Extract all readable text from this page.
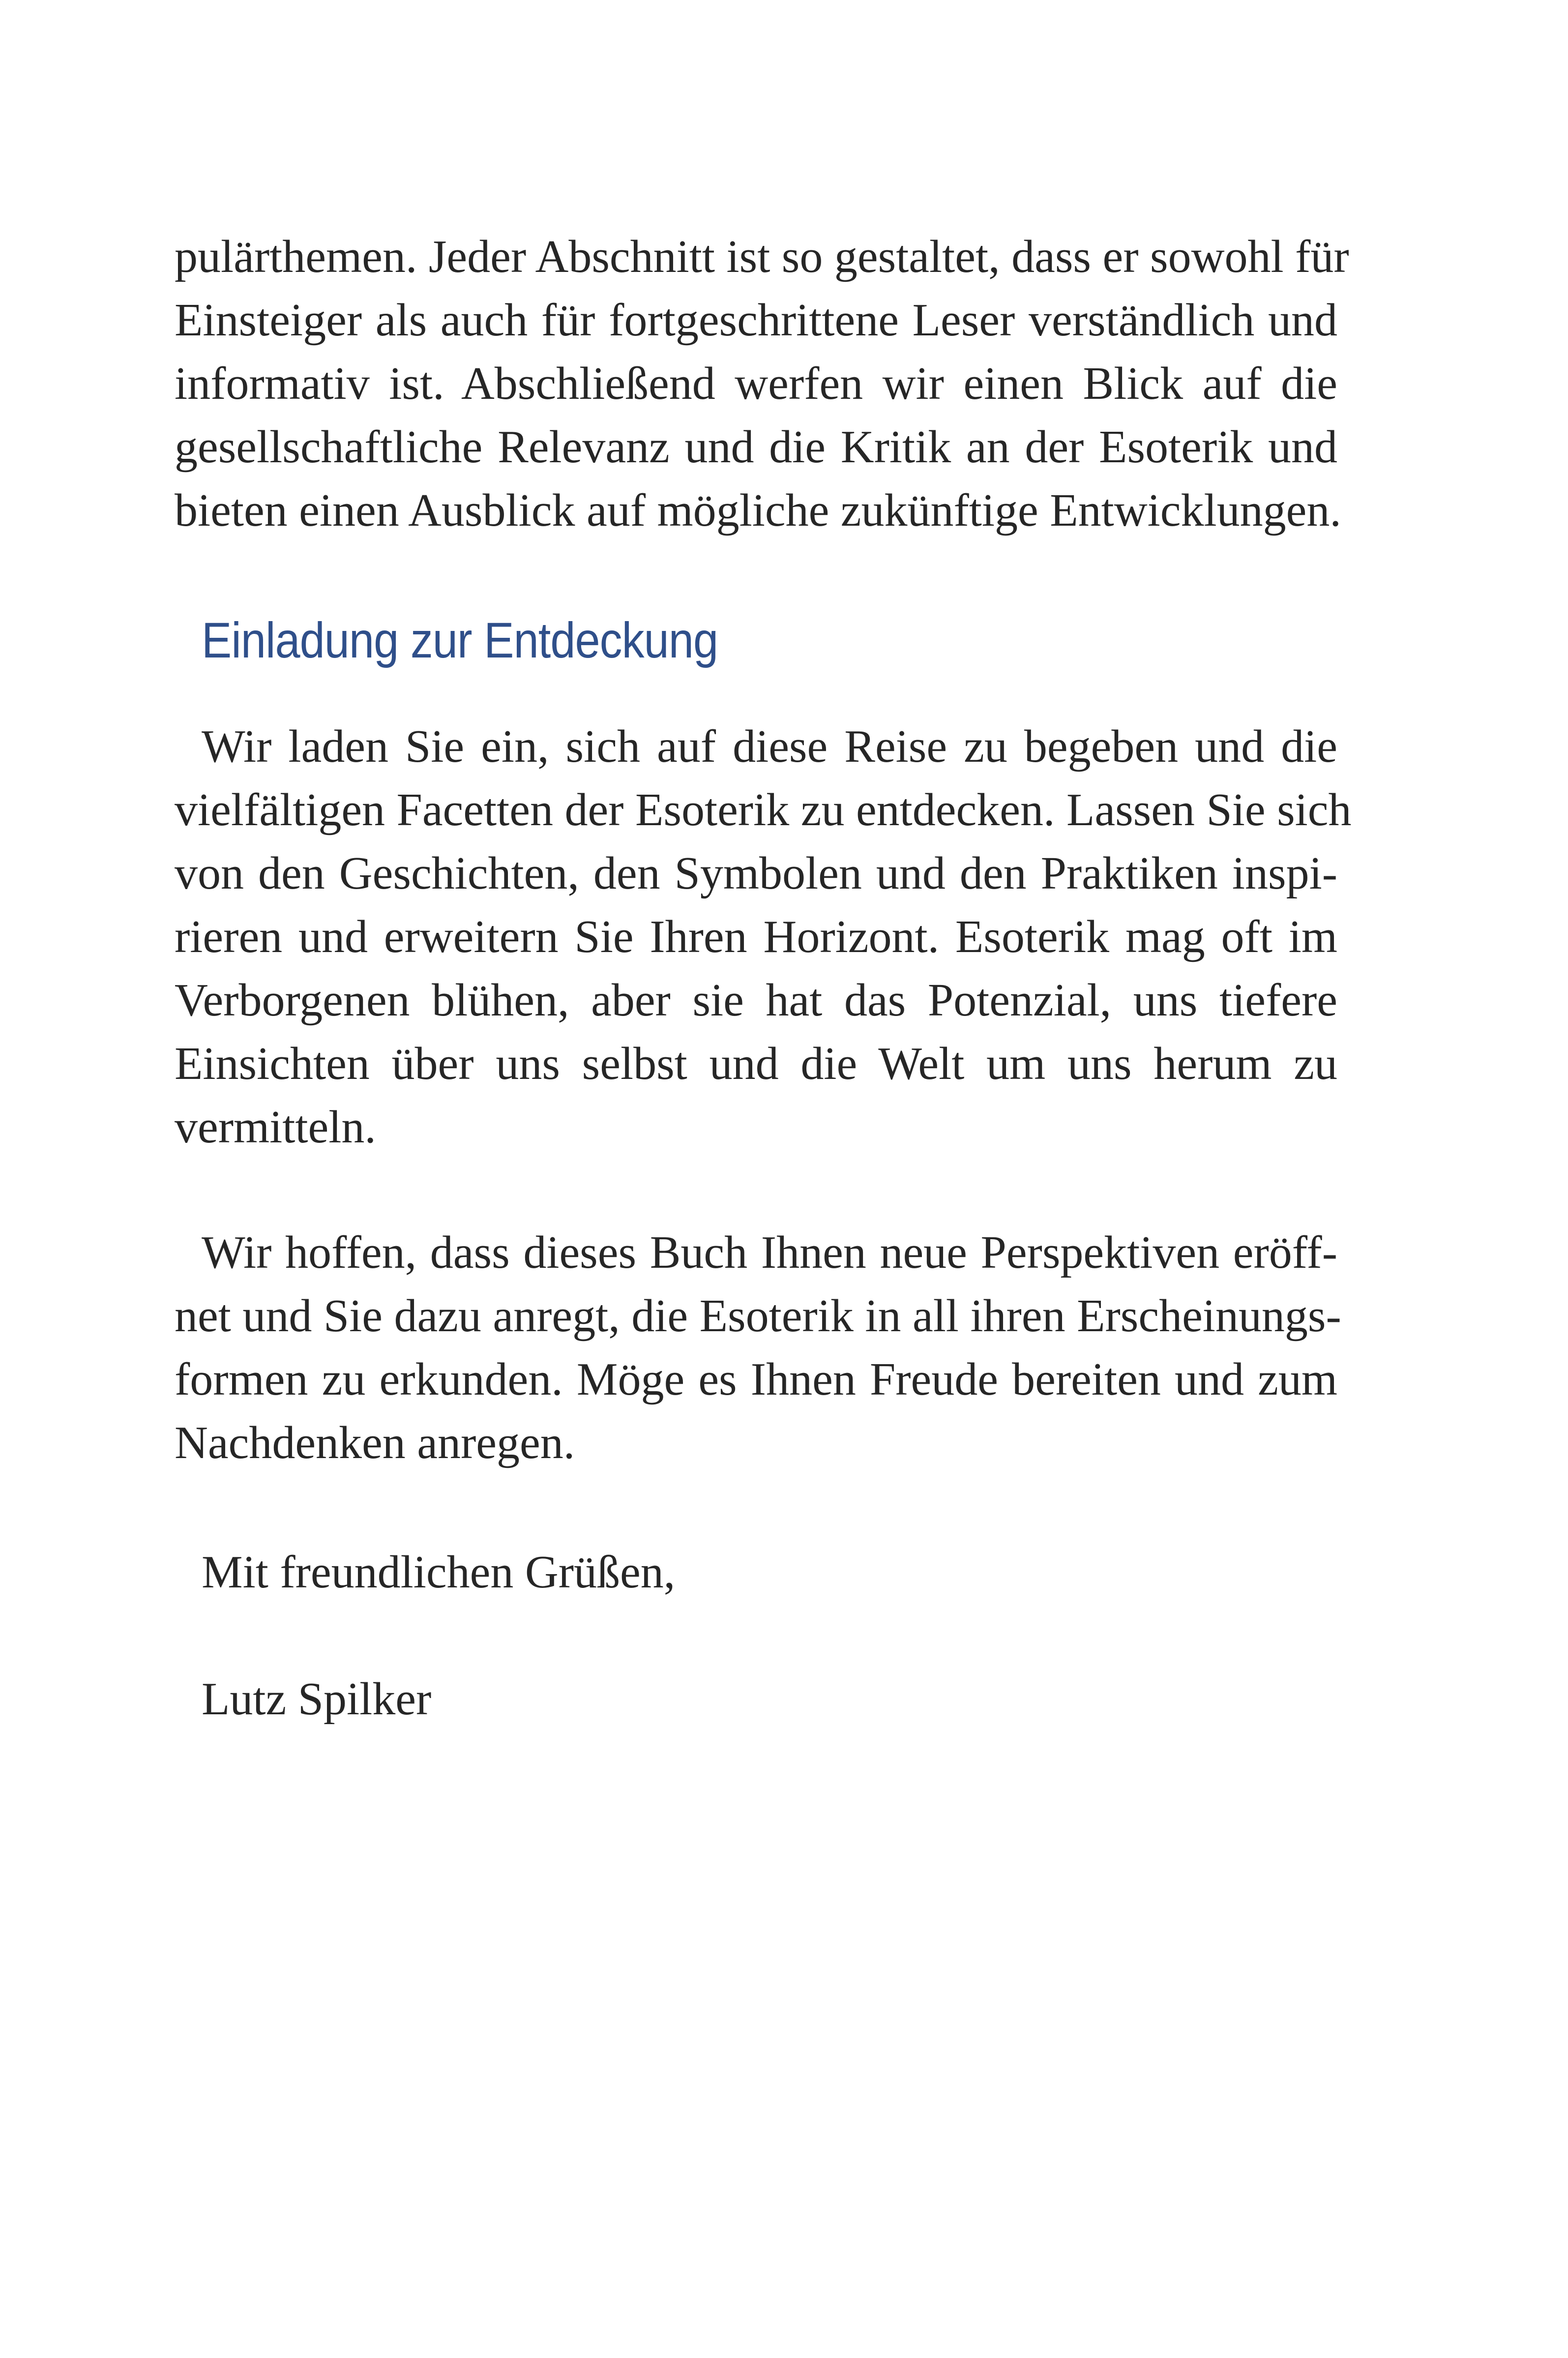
pulärthemen. Jeder Abschnitt ist so gestaltet, dass er sowohl für
Einsteiger als auch für fortgeschrittene Leser verständlich und
informativ ist. Abschließend werfen wir einen Blick auf die
gesellschaftliche Relevanz und die Kritik an der Esoterik und
bieten einen Ausblick auf mögliche zukünftige Entwicklungen.
Einladung zur Entdeckung
Wir laden Sie ein, sich auf diese Reise zu begeben und die
vielfältigen Facetten der Esoterik zu entdecken. Lassen Sie sich
von den Geschichten, den Symbolen und den Praktiken inspi-
rieren und erweitern Sie Ihren Horizont. Esoterik mag oft im
Verborgenen blühen, aber sie hat das Potenzial, uns tiefere
Einsichten über uns selbst und die Welt um uns herum zu
vermitteln.
Wir hoffen, dass dieses Buch Ihnen neue Perspektiven eröff-
net und Sie dazu anregt, die Esoterik in all ihren Erscheinungs-
formen zu erkunden. Möge es Ihnen Freude bereiten und zum
Nachdenken anregen.
Mit freundlichen Grüßen,
Lutz Spilker
